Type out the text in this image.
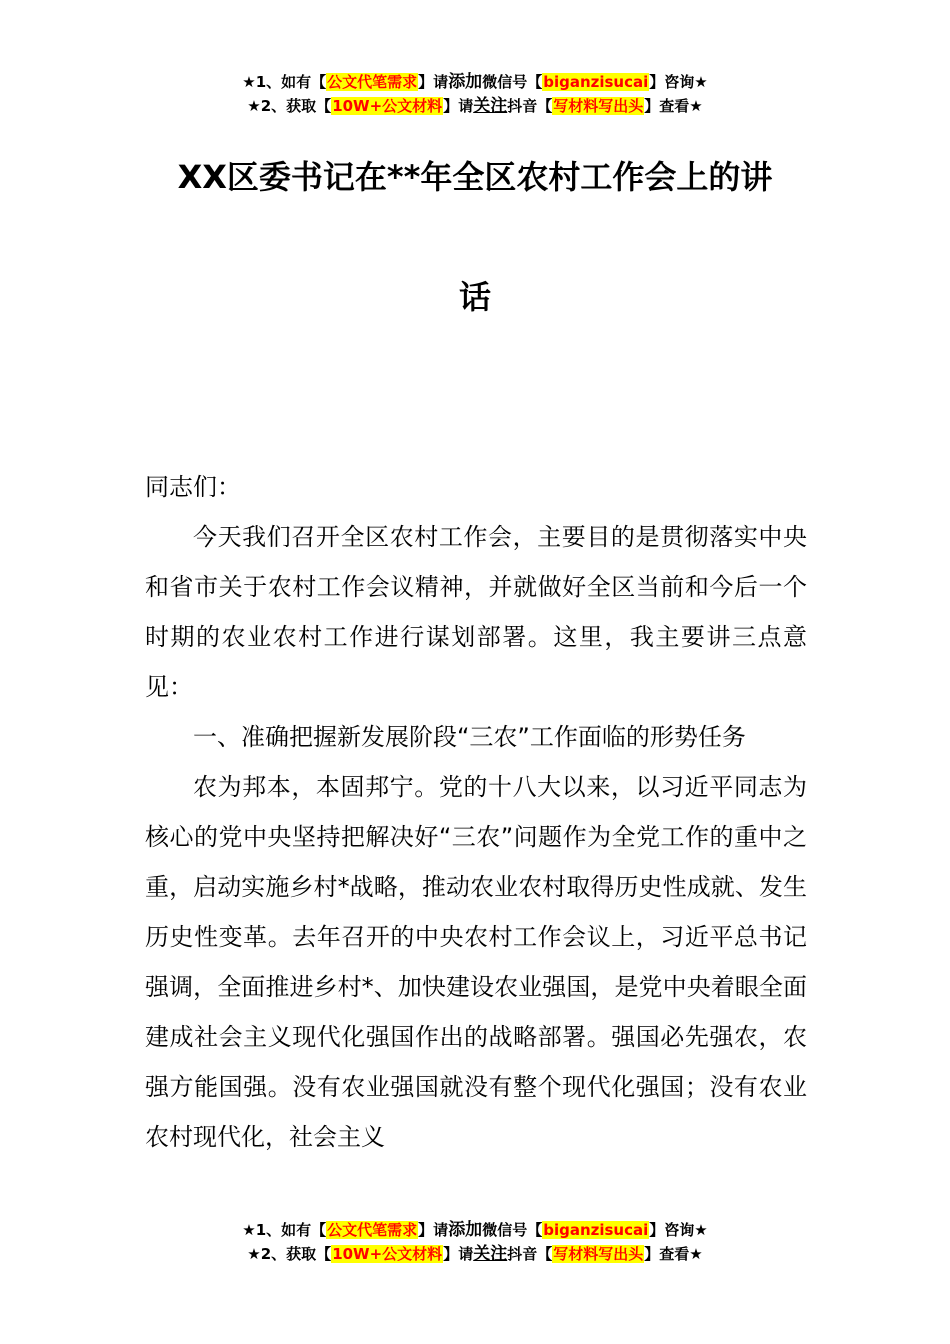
★1、如有【公文代笔需求】请添加微信号【biganzisucai】咨询★
★2、获取【10W+公文材料】请关注抖音【写材料写出头】查看★
XX区委书记在**年全区农村工作会上的讲
话

同志们：

今天我们召开全区农村工作会，主要目的是贯彻落实中央和省市关于农村工作会议精神，并就做好全区当前和今后一个时期的农业农村工作进行谋划部署。这里，我主要讲三点意见：

一、准确把握新发展阶段“三农”工作面临的形势任务

农为邦本，本固邦宁。党的十八大以来，以习近平同志为核心的党中央坚持把解决好“三农”问题作为全党工作的重中之重，启动实施乡村*战略，推动农业农村取得历史性成就、发生历史性变革。去年召开的中央农村工作会议上，习近平总书记强调，全面推进乡村*、加快建设农业强国，是党中央着眼全面建成社会主义现代化强国作出的战略部署。强国必先强农，农强方能国强。没有农业强国就没有整个现代化强国；没有农业农村现代化，社会主义

★1、如有【公文代笔需求】请添加微信号【biganzisucai】咨询★
★2、获取【10W+公文材料】请关注抖音【写材料写出头】查看★
